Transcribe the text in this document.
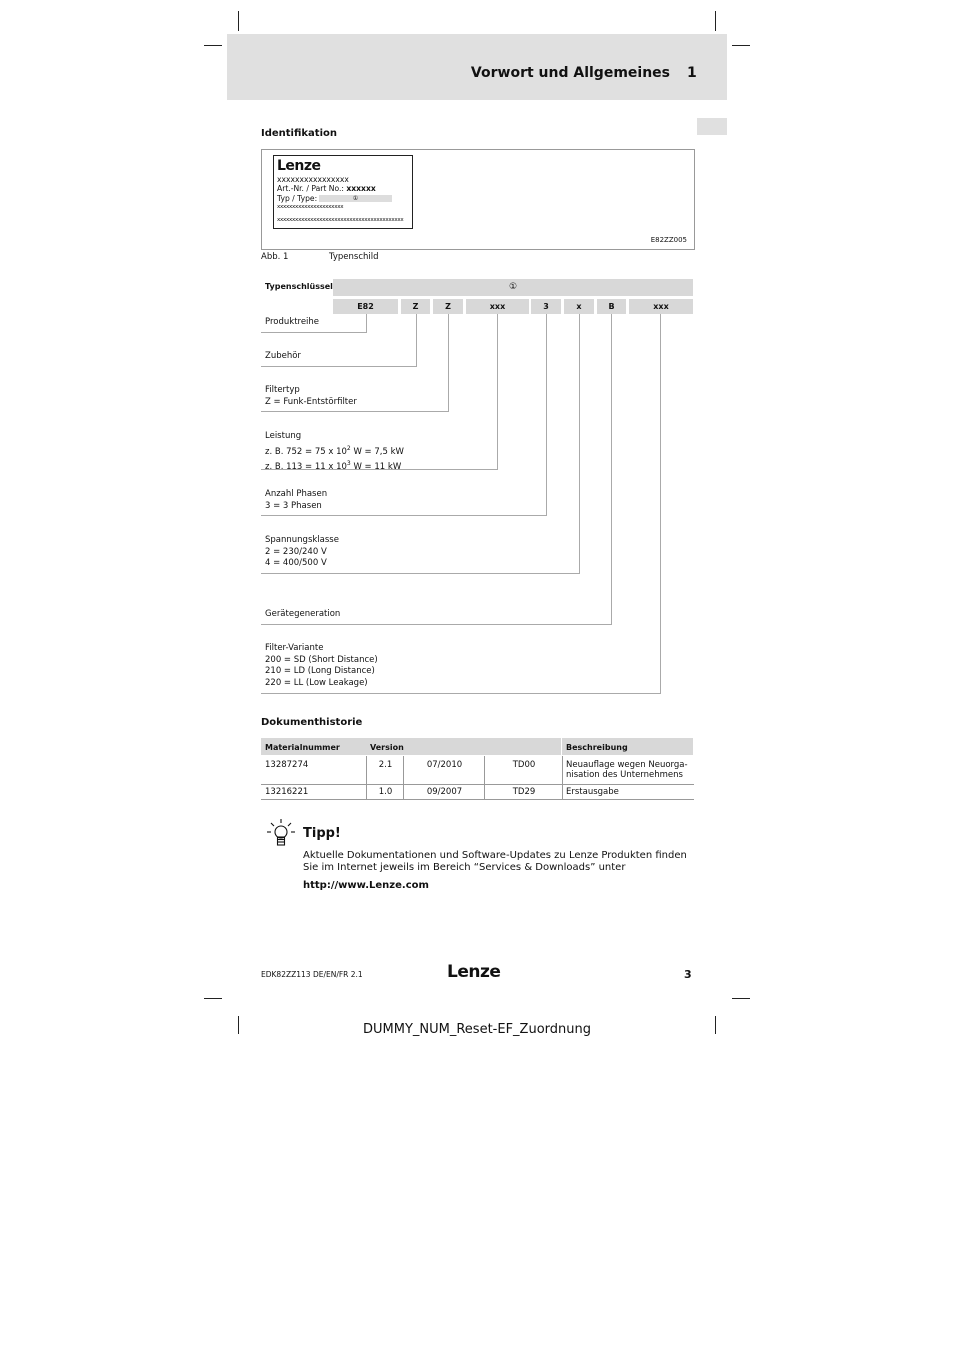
Vorwort und Allgemeines 1
Identifikation
Lenze
xxxxxxxxxxxxxxxx
Art.-Nr. / Part No.: xxxxxx
Typ / Type:	①
xxxxxxxxxxxxxxxxxxxxxx
xxxxxxxxxxxxxxxxxxxxxxxxxxxxxxxxxxxxxxxxxx
E82ZZ005
Abb. 1	Typenschild
Typenschlüssel	①
E82	Z	Z	xxx	3	x	B	xxx
Produktreihe
Zubehör
Filtertyp
Z = Funk-Entstörfilter
Leistung
z. B. 752 = 75 x $10^2$ W = 7,5 kW
z. B. 113 = 11 x $10^3$ W = 11 kW
Anzahl Phasen
3 = 3 Phasen
Spannungsklasse
2 = 230/240 V
4 = 400/500 V
Gerätegeneration
Filter-Variante
200 = SD (Short Distance)
210 = LD (Long Distance)
220 = LL (Low Leakage)
Dokumenthistorie
Materialnummer	Version	Beschreibung
13287274	2.1	07/2010	TD00	Neuauflage wegen Neuorga-
nisation des Unternehmens
13216221	1.0	09/2007	TD29	Erstausgabe
Tipp!
Aktuelle Dokumentationen und Software-Updates zu Lenze Produkten finden
Sie im Internet jeweils im Bereich “Services & Downloads” unter
http://www.Lenze.com
EDK82ZZ113 DE/EN/FR 2.1	Lenze	3
DUMMY_NUM_Reset-EF_Zuordnung
